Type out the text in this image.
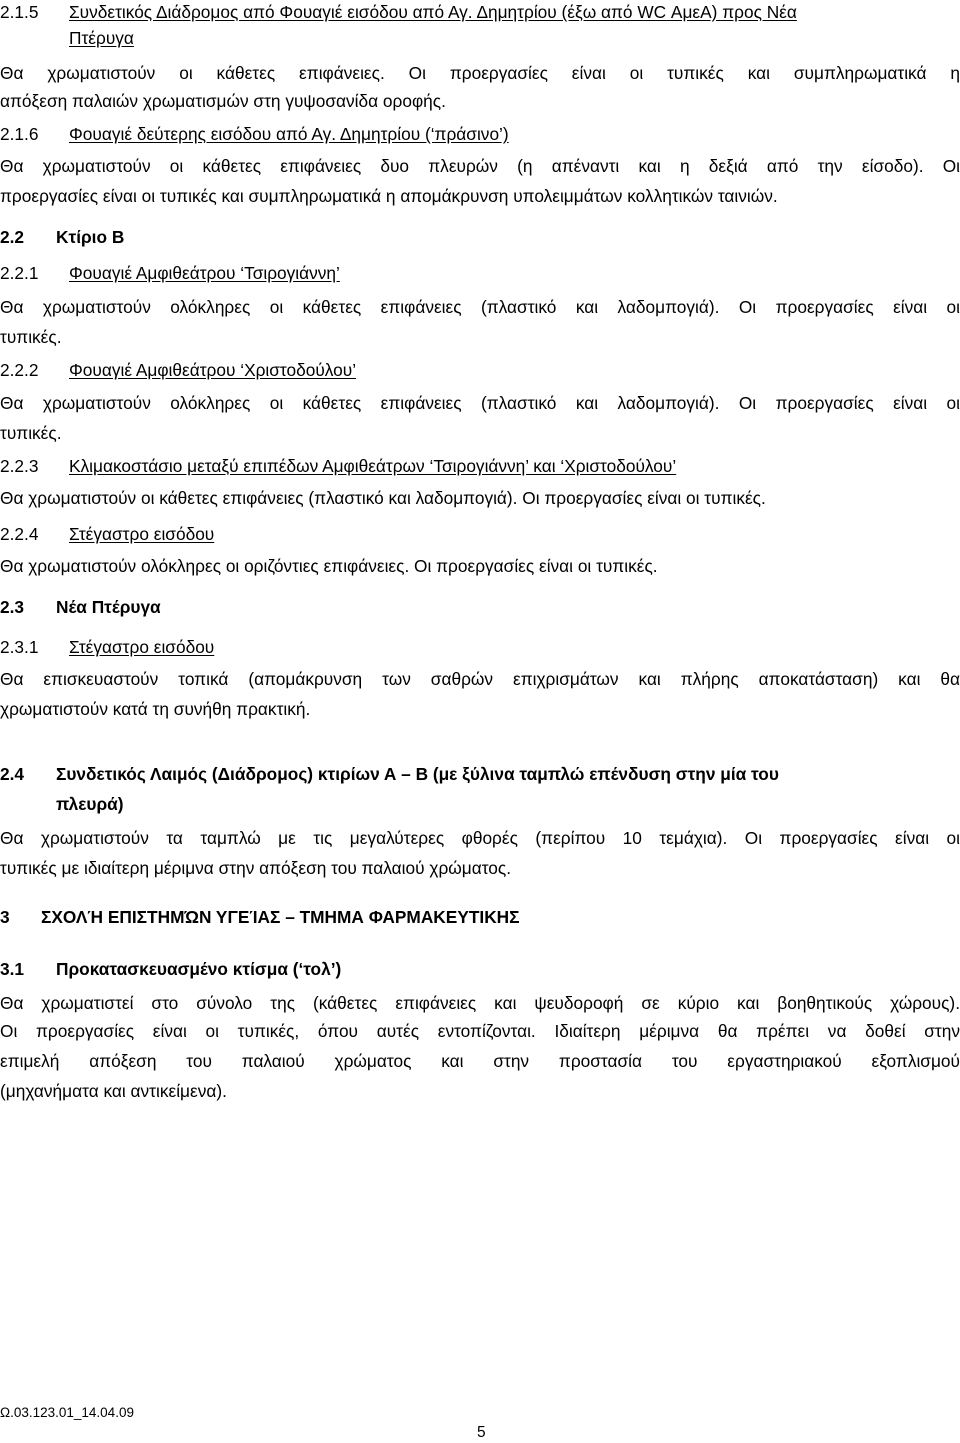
2.1.5 Συνδετικός Διάδρομος από Φουαγιέ εισόδου από Αγ. Δημητρίου (έξω από WC ΑμεΑ) προς Νέα
Πτέρυγα
Θα χρωματιστούν οι κάθετες επιφάνειες. Οι προεργασίες είναι οι τυπικές και συμπληρωματικά η
απόξεση παλαιών χρωματισμών στη γυψοσανίδα οροφής.
2.1.6 Φουαγιέ δεύτερης εισόδου από Αγ. Δημητρίου (‘πράσινο’)
Θα χρωματιστούν οι κάθετες επιφάνειες δυο πλευρών (η απέναντι και η δεξιά από την είσοδο). Οι
προεργασίες είναι οι τυπικές και συμπληρωματικά η απομάκρυνση υπολειμμάτων κολλητικών ταινιών.
2.2 Κτίριο Β
2.2.1 Φουαγιέ Αμφιθεάτρου ‘Τσιρογιάννη’
Θα χρωματιστούν ολόκληρες οι κάθετες επιφάνειες (πλαστικό και λαδομπογιά). Οι προεργασίες είναι οι
τυπικές.
2.2.2 Φουαγιέ Αμφιθεάτρου ‘Χριστοδούλου’
Θα χρωματιστούν ολόκληρες οι κάθετες επιφάνειες (πλαστικό και λαδομπογιά). Οι προεργασίες είναι οι
τυπικές.
2.2.3 Κλιμακοστάσιο μεταξύ επιπέδων Αμφιθεάτρων ‘Τσιρογιάννη’ και ‘Χριστοδούλου’
Θα χρωματιστούν οι κάθετες επιφάνειες (πλαστικό και λαδομπογιά). Οι προεργασίες είναι οι τυπικές.
2.2.4 Στέγαστρο εισόδου
Θα χρωματιστούν ολόκληρες οι οριζόντιες επιφάνειες. Οι προεργασίες είναι οι τυπικές.
2.3 Νέα Πτέρυγα
2.3.1 Στέγαστρο εισόδου
Θα επισκευαστούν τοπικά (απομάκρυνση των σαθρών επιχρισμάτων και πλήρης αποκατάσταση) και θα
χρωματιστούν κατά τη συνήθη πρακτική.
2.4 Συνδετικός Λαιμός (Διάδρομος) κτιρίων Α – Β (με ξύλινα ταμπλώ επένδυση στην μία του
πλευρά)
Θα χρωματιστούν τα ταμπλώ με τις μεγαλύτερες φθορές (περίπου 10 τεμάχια). Οι προεργασίες είναι οι
τυπικές με ιδιαίτερη μέριμνα στην απόξεση του παλαιού χρώματος.
3 ΣΧΟΛΉ ΕΠΙΣΤΗΜΏΝ ΥΓΕΊΑΣ – ΤΜΗΜΑ ΦΑΡΜΑΚΕΥΤΙΚΗΣ
3.1 Προκατασκευασμένο κτίσμα (‘τολ’)
Θα χρωματιστεί στο σύνολο της (κάθετες επιφάνειες και ψευδοροφή σε κύριο και βοηθητικούς χώρους).
Οι προεργασίες είναι οι τυπικές, όπου αυτές εντοπίζονται. Ιδιαίτερη μέριμνα θα πρέπει να δοθεί στην
επιμελή απόξεση του παλαιού χρώματος και στην προστασία του εργαστηριακού εξοπλισμού
(μηχανήματα και αντικείμενα).
Ω.03.123.01_14.04.09
5
